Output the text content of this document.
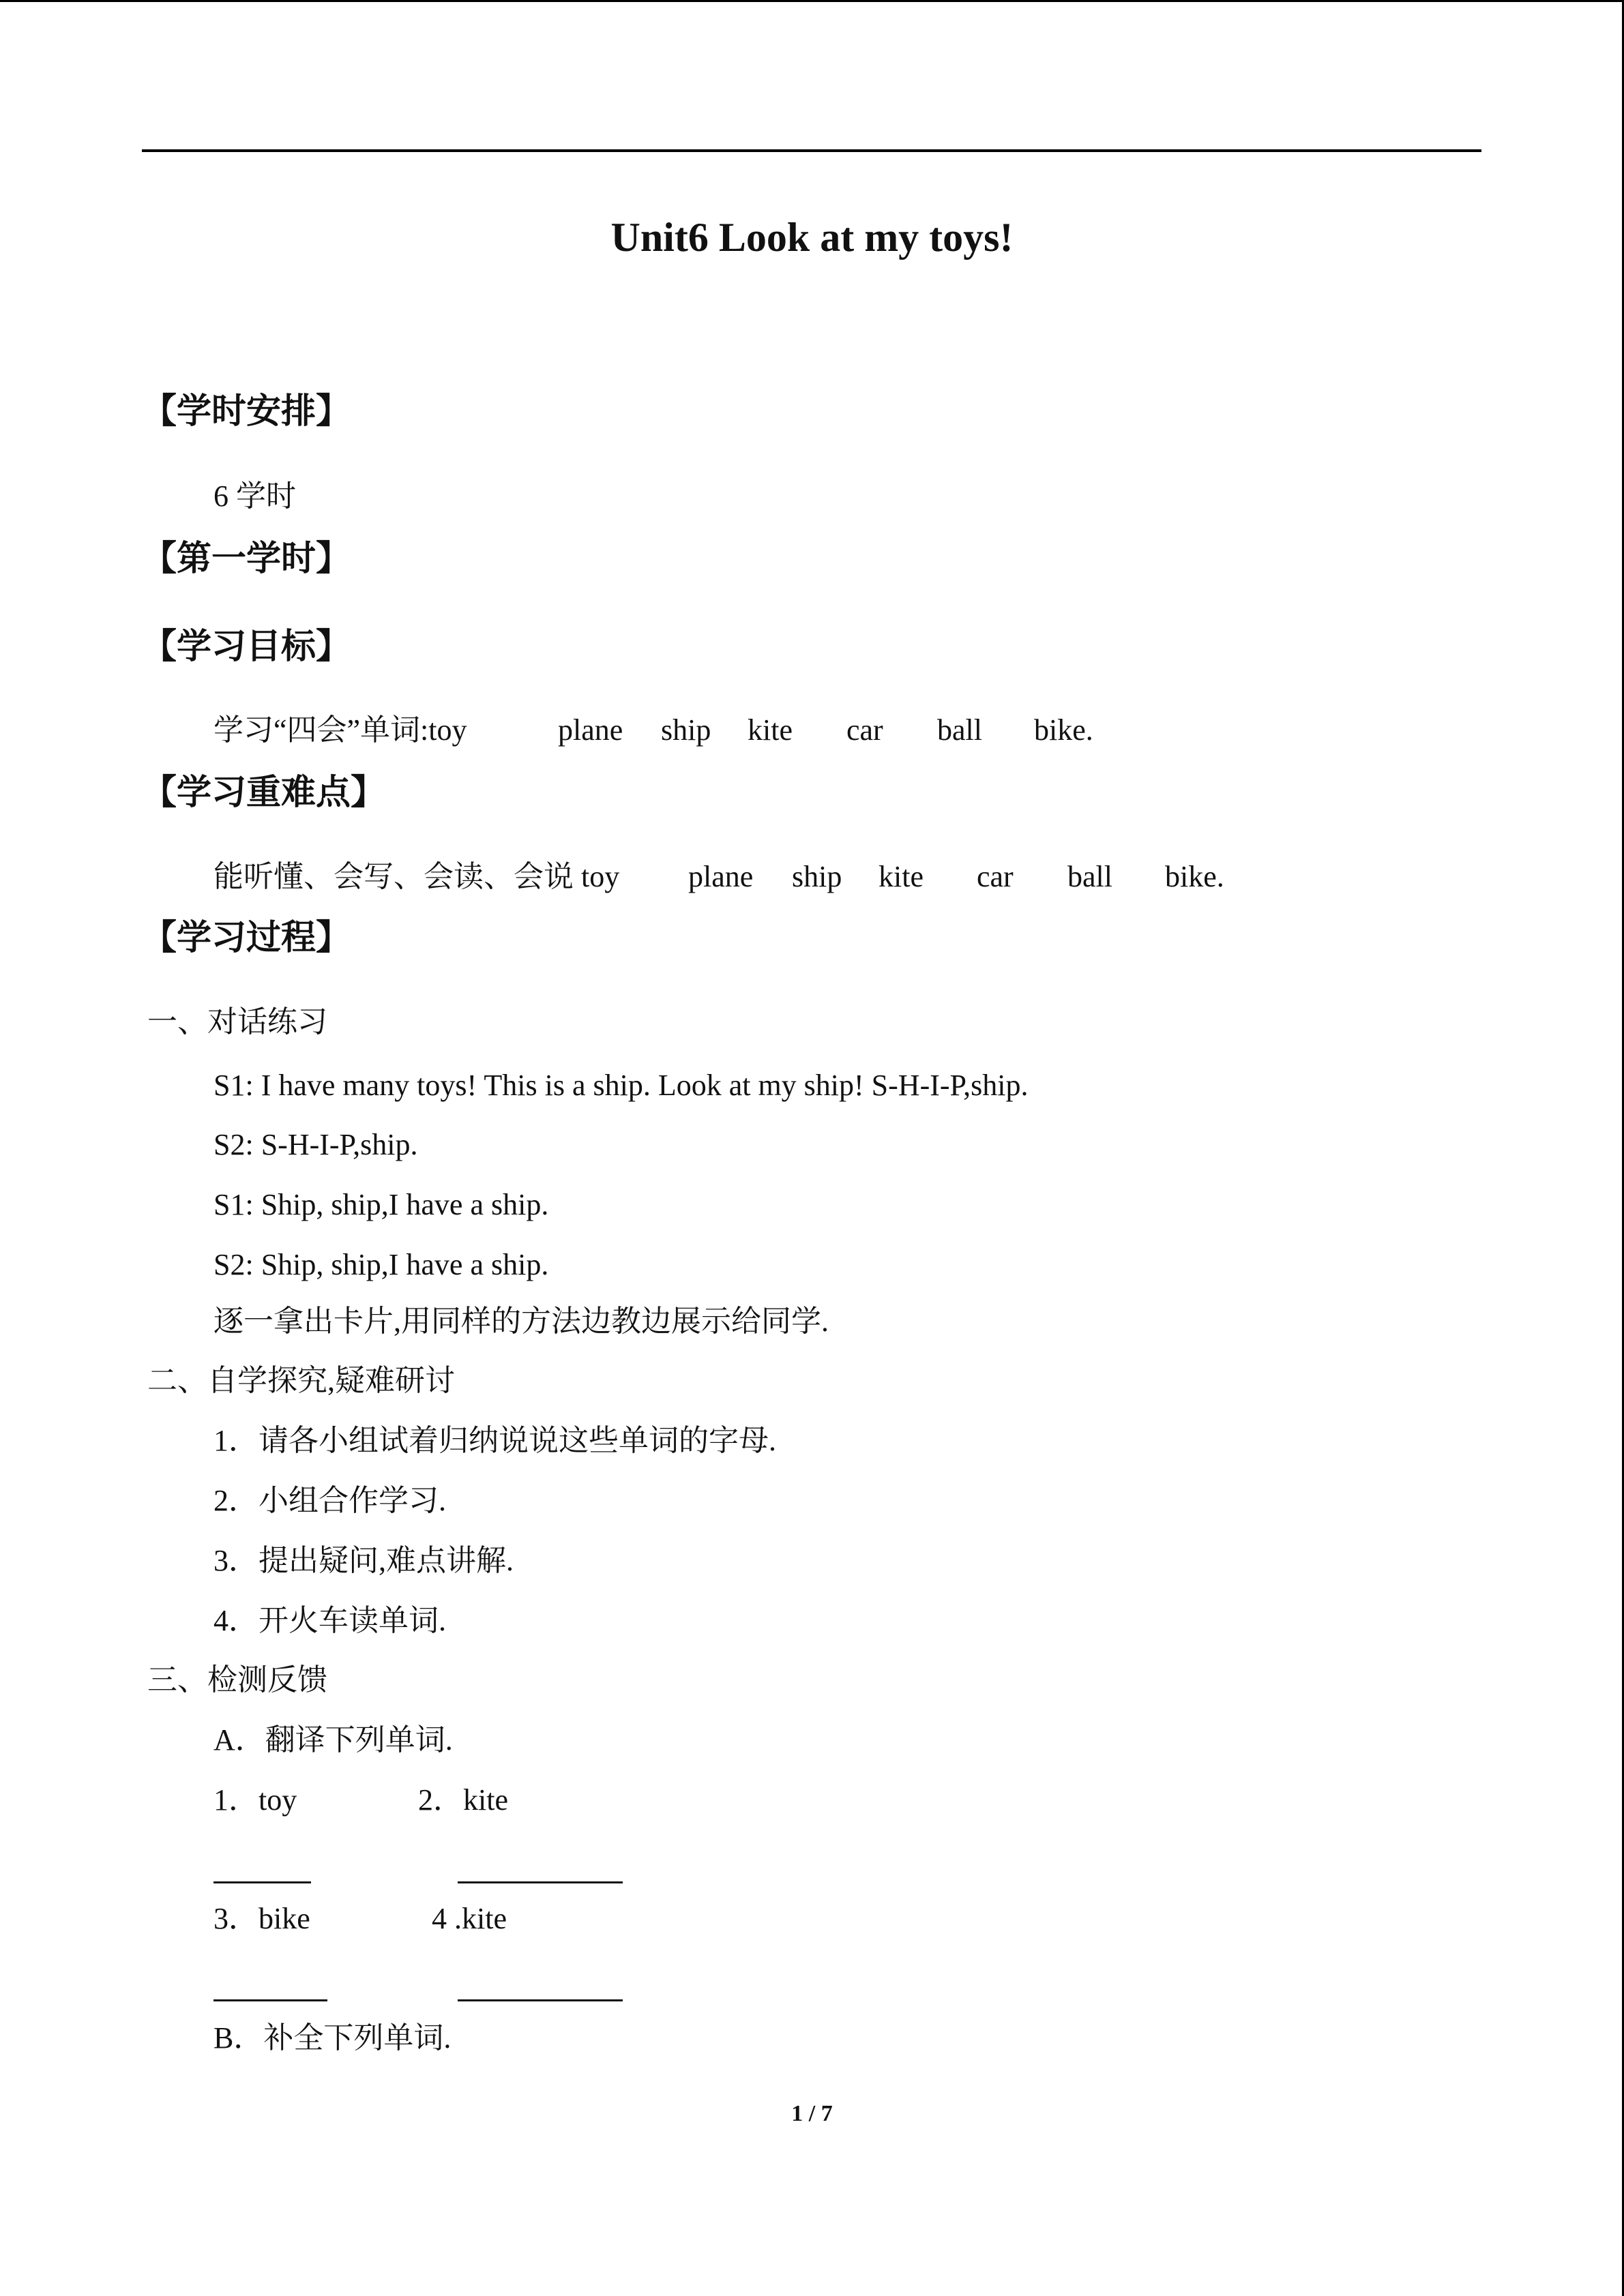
Unit6 Look at my toys!
【学时安排】
6 学时
【第一学时】
【学习目标】
学习“四会”单词:toy	plane ship kite car ball bike.
【学习重难点】
能听懂、会写、会读、会说 toy plane ship kite car ball bike.
【学习过程】
一、对话练习
S1: I have many toys! This is a ship. Look at my ship! S-H-I-P,ship.
S2: S-H-I-P,ship.
S1: Ship, ship,I have a ship.
S2: Ship, ship,I have a ship.
逐一拿出卡片,用同样的方法边教边展示给同学.
二、自学探究,疑难研讨
1．请各小组试着归纳说说这些单词的字母.
2．小组合作学习.
3．提出疑问,难点讲解.
4．开火车读单词.
三、检测反馈
A．翻译下列单词.
1．toy	2．kite
3．bike	4 .kite
B．补全下列单词.
1 / 7
